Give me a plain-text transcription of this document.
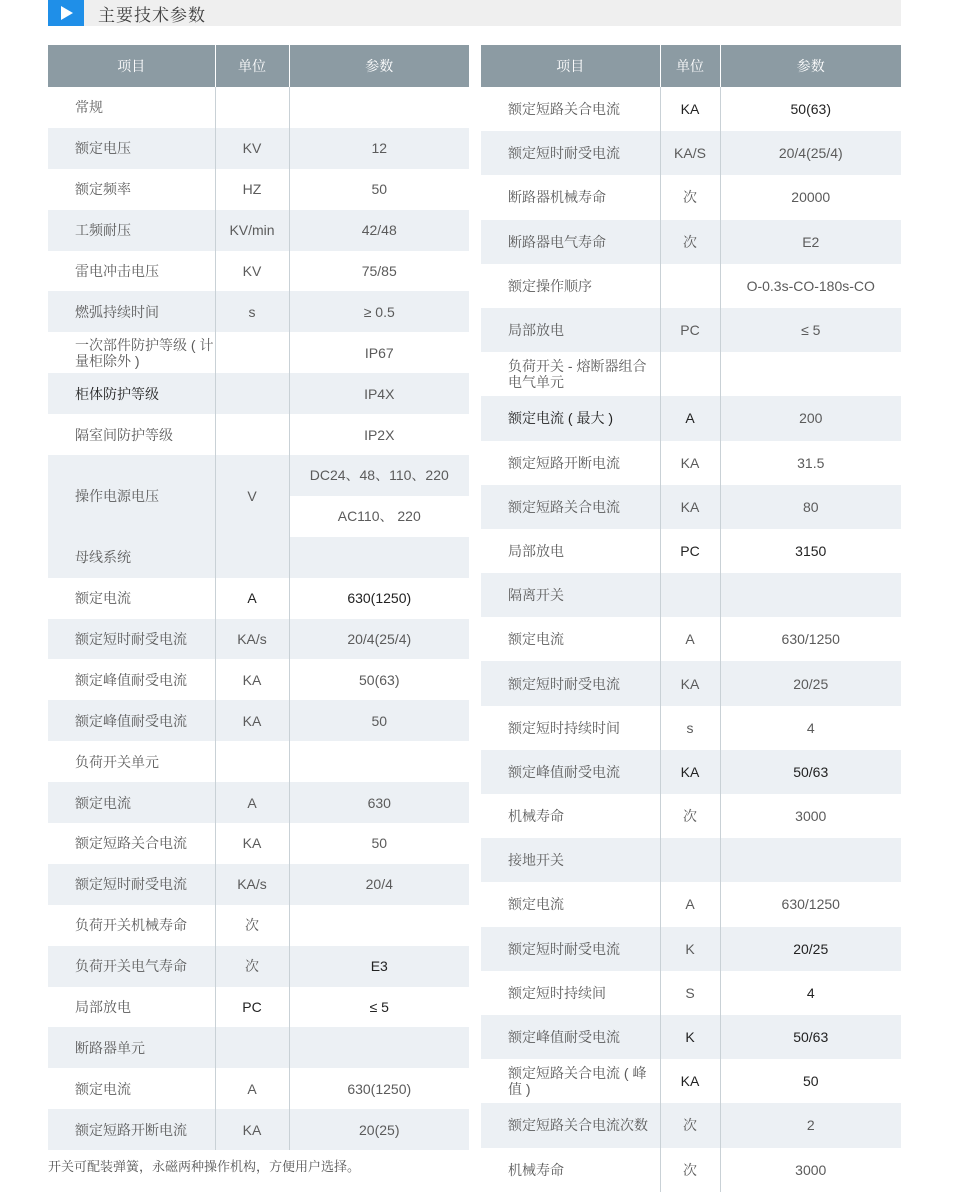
主要技术参数
项目	单位	参数
常规		
额定电压	KV	12
额定频率	HZ	50
工频耐压	KV/min	42/48
雷电冲击电压	KV	75/85
燃弧持续时间	s	≥ 0.5
一次部件防护等级 ( 计量柜除外 )		IP67
柜体防护等级		IP4X
隔室间防护等级		IP2X
操作电源电压	V	DC24、48、110、220
		AC110、 220
母线系统		
额定电流	A	630(1250)
额定短时耐受电流	KA/s	20/4(25/4)
额定峰值耐受电流	KA	50(63)
额定峰值耐受电流	KA	50
负荷开关单元		
额定电流	A	630
额定短路关合电流	KA	50
额定短时耐受电流	KA/s	20/4
负荷开关机械寿命	次	
负荷开关电气寿命	次	E3
局部放电	PC	≤ 5
断路器单元		
额定电流	A	630(1250)
额定短路开断电流	KA	20(25)
项目	单位	参数
额定短路关合电流	KA	50(63)
额定短时耐受电流	KA/S	20/4(25/4)
断路器机械寿命	次	20000
断路器电气寿命	次	E2
额定操作顺序		O-0.3s-CO-180s-CO
局部放电	PC	≤ 5
负荷开关 - 熔断器组合电气单元		
额定电流 ( 最大 )	A	200
额定短路开断电流	KA	31.5
额定短路关合电流	KA	80
局部放电	PC	3150
隔离开关		
额定电流	A	630/1250
额定短时耐受电流	KA	20/25
额定短时持续时间	s	4
额定峰值耐受电流	KA	50/63
机械寿命	次	3000
接地开关		
额定电流	A	630/1250
额定短时耐受电流	K	20/25
额定短时持续间	S	4
额定峰值耐受电流	K	50/63
额定短路关合电流 ( 峰值 )	KA	50
额定短路关合电流次数	次	2
机械寿命	次	3000
开关可配装弹簧，永磁两种操作机构，方便用户选择。
